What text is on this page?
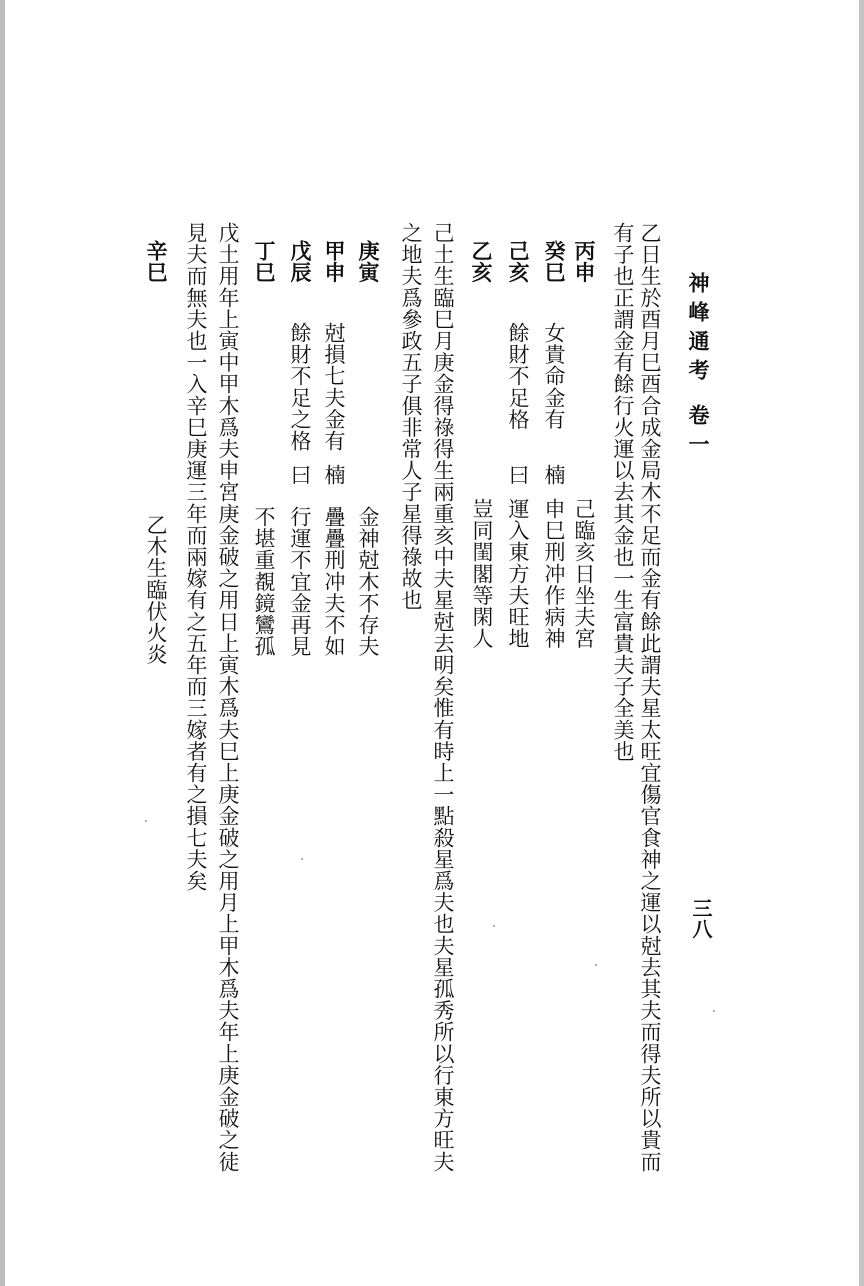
神峰通考
卷一
三八
乙日生於酉月巳酉合成金局木不足而金有餘此謂夫星太旺宜傷官食神之運以尅去其夫而得夫所以貴而
有子也正謂金有餘行火運以去其金也一生富貴夫子全美也
丙申
癸巳
己亥
乙亥
女貴命金有
餘財不足格
楠
曰
己臨亥日坐夫宮
申巳刑冲作病神
運入東方夫旺地
豈同閨閣等閑人
己土生臨巳月庚金得祿得生兩重亥中夫星尅去明矣惟有時上一點殺星爲夫也夫星孤秀所以行東方旺夫
之地夫爲參政五子俱非常人子星得祿故也
庚寅
甲申
戊辰
丁巳
尅損七夫金有
餘財不足之格
楠
曰
金神尅木不存夫
疊疊刑冲夫不如
行運不宜金再見
不堪重覩鏡鸞孤
戊土用年上寅中甲木爲夫申宮庚金破之用日上寅木爲夫巳上庚金破之用月上甲木爲夫年上庚金破之徒
見夫而無夫也一入辛巳庚運三年而兩嫁有之五年而三嫁者有之損七夫矣
辛巳
乙木生臨伏火炎
